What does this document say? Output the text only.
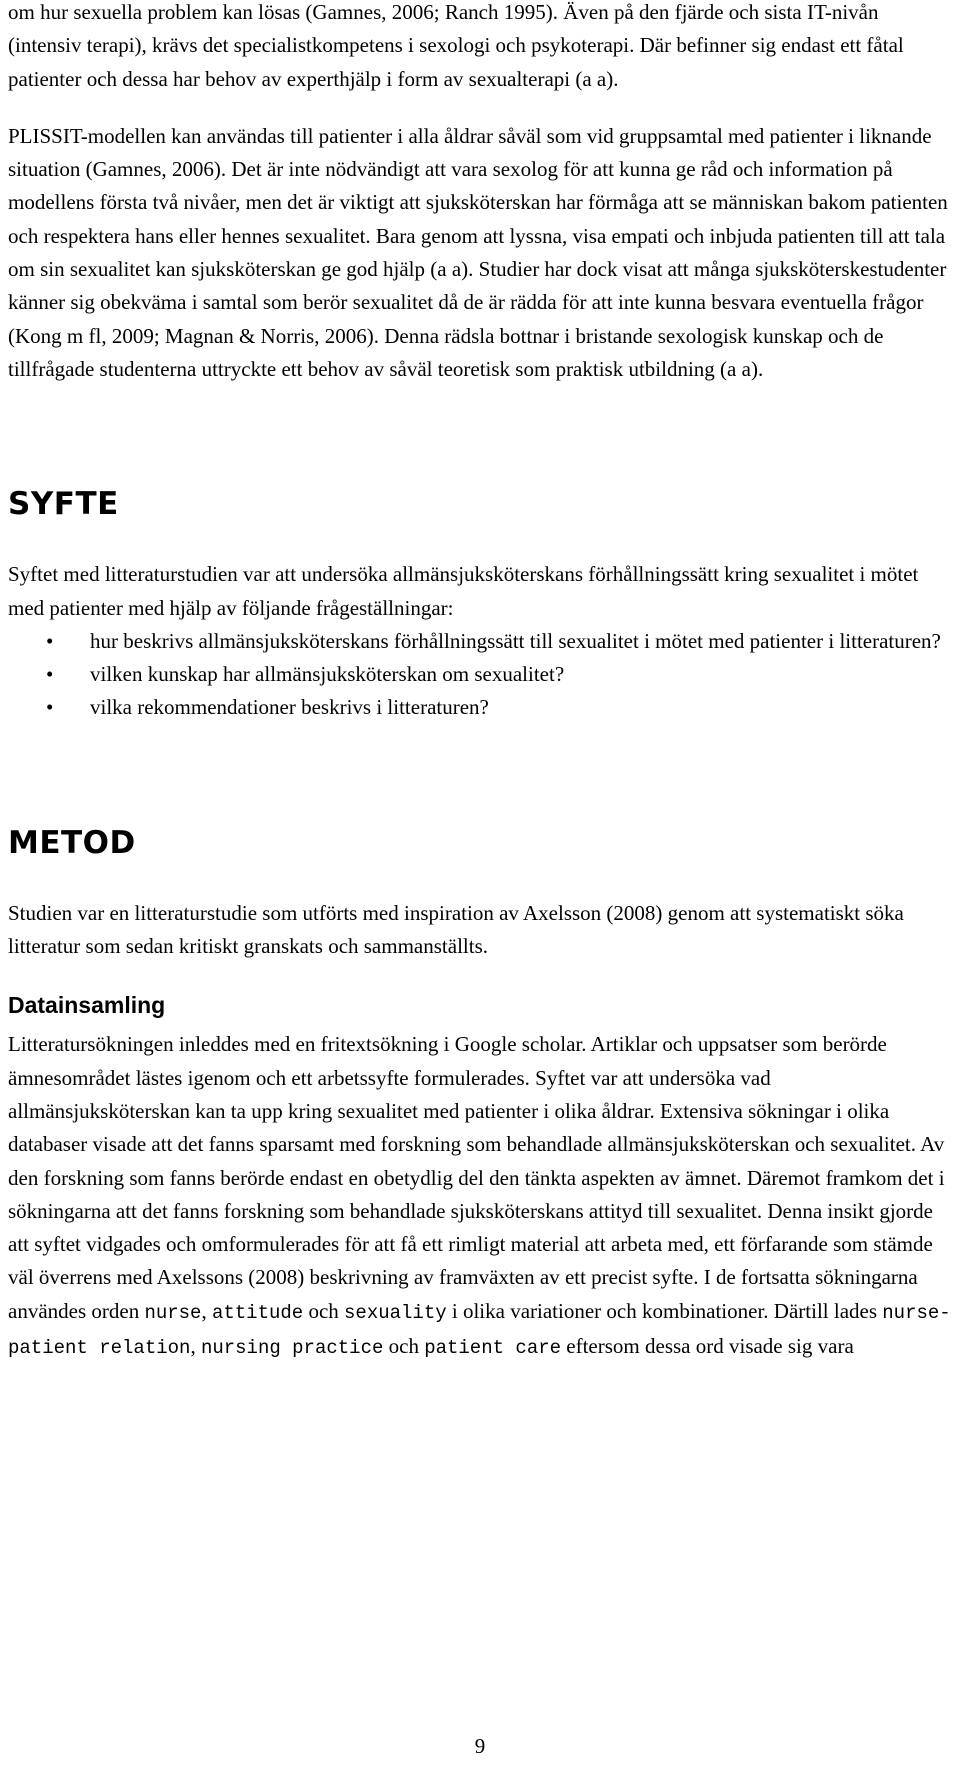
om hur sexuella problem kan lösas (Gamnes, 2006; Ranch 1995). Även på den fjärde och sista IT-nivån (intensiv terapi), krävs det specialistkompetens i sexologi och psykoterapi. Där befinner sig endast ett fåtal patienter och dessa har behov av experthjälp i form av sexualterapi (a a).

PLISSIT-modellen kan användas till patienter i alla åldrar såväl som vid gruppsamtal med patienter i liknande situation (Gamnes, 2006). Det är inte nödvändigt att vara sexolog för att kunna ge råd och information på modellens första två nivåer, men det är viktigt att sjuksköterskan har förmåga att se människan bakom patienten och respektera hans eller hennes sexualitet. Bara genom att lyssna, visa empati och inbjuda patienten till att tala om sin sexualitet kan sjuksköterskan ge god hjälp (a a). Studier har dock visat att många sjuksköterskestudenter känner sig obekväma i samtal som berör sexualitet då de är rädda för att inte kunna besvara eventuella frågor (Kong m fl, 2009; Magnan & Norris, 2006). Denna rädsla bottnar i bristande sexologisk kunskap och de tillfrågade studenterna uttryckte ett behov av såväl teoretisk som praktisk utbildning (a a).

SYFTE

Syftet med litteraturstudien var att undersöka allmänsjuksköterskans förhållningssätt kring sexualitet i mötet med patienter med hjälp av följande frågeställningar:

• hur beskrivs allmänsjuksköterskans förhållningssätt till sexualitet i mötet med patienter i litteraturen?
• vilken kunskap har allmänsjuksköterskan om sexualitet?
• vilka rekommendationer beskrivs i litteraturen?
METOD

Studien var en litteraturstudie som utförts med inspiration av Axelsson (2008) genom att systematiskt söka litteratur som sedan kritiskt granskats och sammanställts.

Datainsamling

Litteratursökningen inleddes med en fritextsökning i Google scholar. Artiklar och uppsatser som berörde ämnesområdet lästes igenom och ett arbetssyfte formulerades. Syftet var att undersöka vad allmänsjuksköterskan kan ta upp kring sexualitet med patienter i olika åldrar. Extensiva sökningar i olika databaser visade att det fanns sparsamt med forskning som behandlade allmänsjuksköterskan och sexualitet. Av den forskning som fanns berörde endast en obetydlig del den tänkta aspekten av ämnet. Däremot framkom det i sökningarna att det fanns forskning som behandlade sjuksköterskans attityd till sexualitet. Denna insikt gjorde att syftet vidgades och omformulerades för att få ett rimligt material att arbeta med, ett förfarande som stämde väl överrens med Axelssons (2008) beskrivning av framväxten av ett precist syfte. I de fortsatta sökningarna användes orden nurse, attitude och sexuality i olika variationer och kombinationer. Därtill lades nurse-patient relation, nursing practice och patient care eftersom dessa ord visade sig vara

9
